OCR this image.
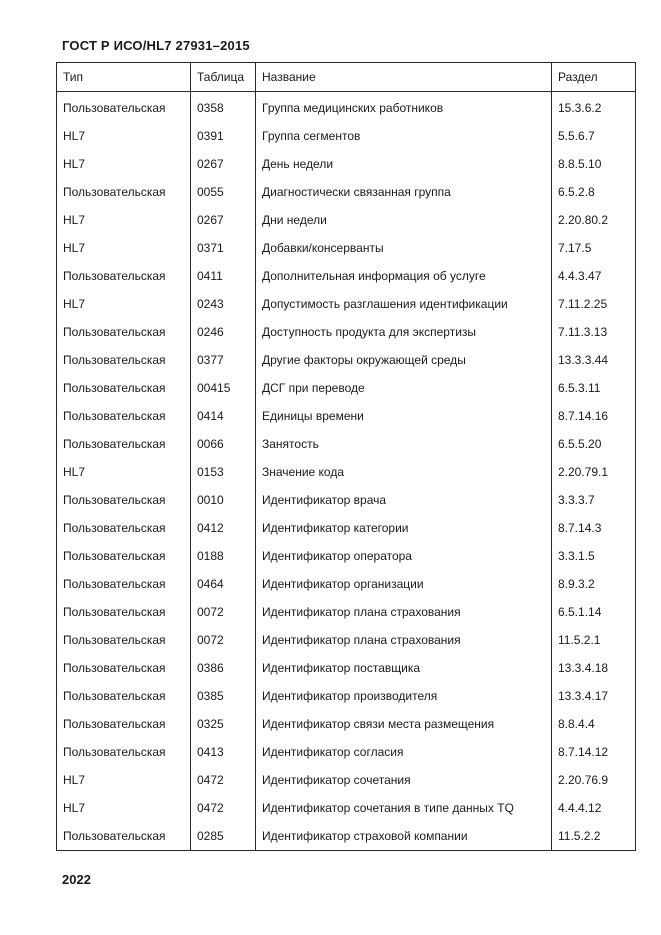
ГОСТ Р ИСО/HL7 27931–2015
Тип	Таблица	Название	Раздел
Пользовательская	0358	Группа медицинских работников	15.3.6.2
HL7	0391	Группа сегментов	5.5.6.7
HL7	0267	День недели	8.8.5.10
Пользовательская	0055	Диагностически связанная группа	6.5.2.8
HL7	0267	Дни недели	2.20.80.2
HL7	0371	Добавки/консерванты	7.17.5
Пользовательская	0411	Дополнительная информация об услуге	4.4.3.47
HL7	0243	Допустимость разглашения идентификации	7.11.2.25
Пользовательская	0246	Доступность продукта для экспертизы	7.11.3.13
Пользовательская	0377	Другие факторы окружающей среды	13.3.3.44
Пользовательская	00415	ДСГ при переводе	6.5.3.11
Пользовательская	0414	Единицы времени	8.7.14.16
Пользовательская	0066	Занятость	6.5.5.20
HL7	0153	Значение кода	2.20.79.1
Пользовательская	0010	Идентификатор врача	3.3.3.7
Пользовательская	0412	Идентификатор категории	8.7.14.3
Пользовательская	0188	Идентификатор оператора	3.3.1.5
Пользовательская	0464	Идентификатор организации	8.9.3.2
Пользовательская	0072	Идентификатор плана страхования	6.5.1.14
Пользовательская	0072	Идентификатор плана страхования	11.5.2.1
Пользовательская	0386	Идентификатор поставщика	13.3.4.18
Пользовательская	0385	Идентификатор производителя	13.3.4.17
Пользовательская	0325	Идентификатор связи места размещения	8.8.4.4
Пользовательская	0413	Идентификатор согласия	8.7.14.12
HL7	0472	Идентификатор сочетания	2.20.76.9
HL7	0472	Идентификатор сочетания в типе данных TQ	4.4.4.12
Пользовательская	0285	Идентификатор страховой компании	11.5.2.2
2022
